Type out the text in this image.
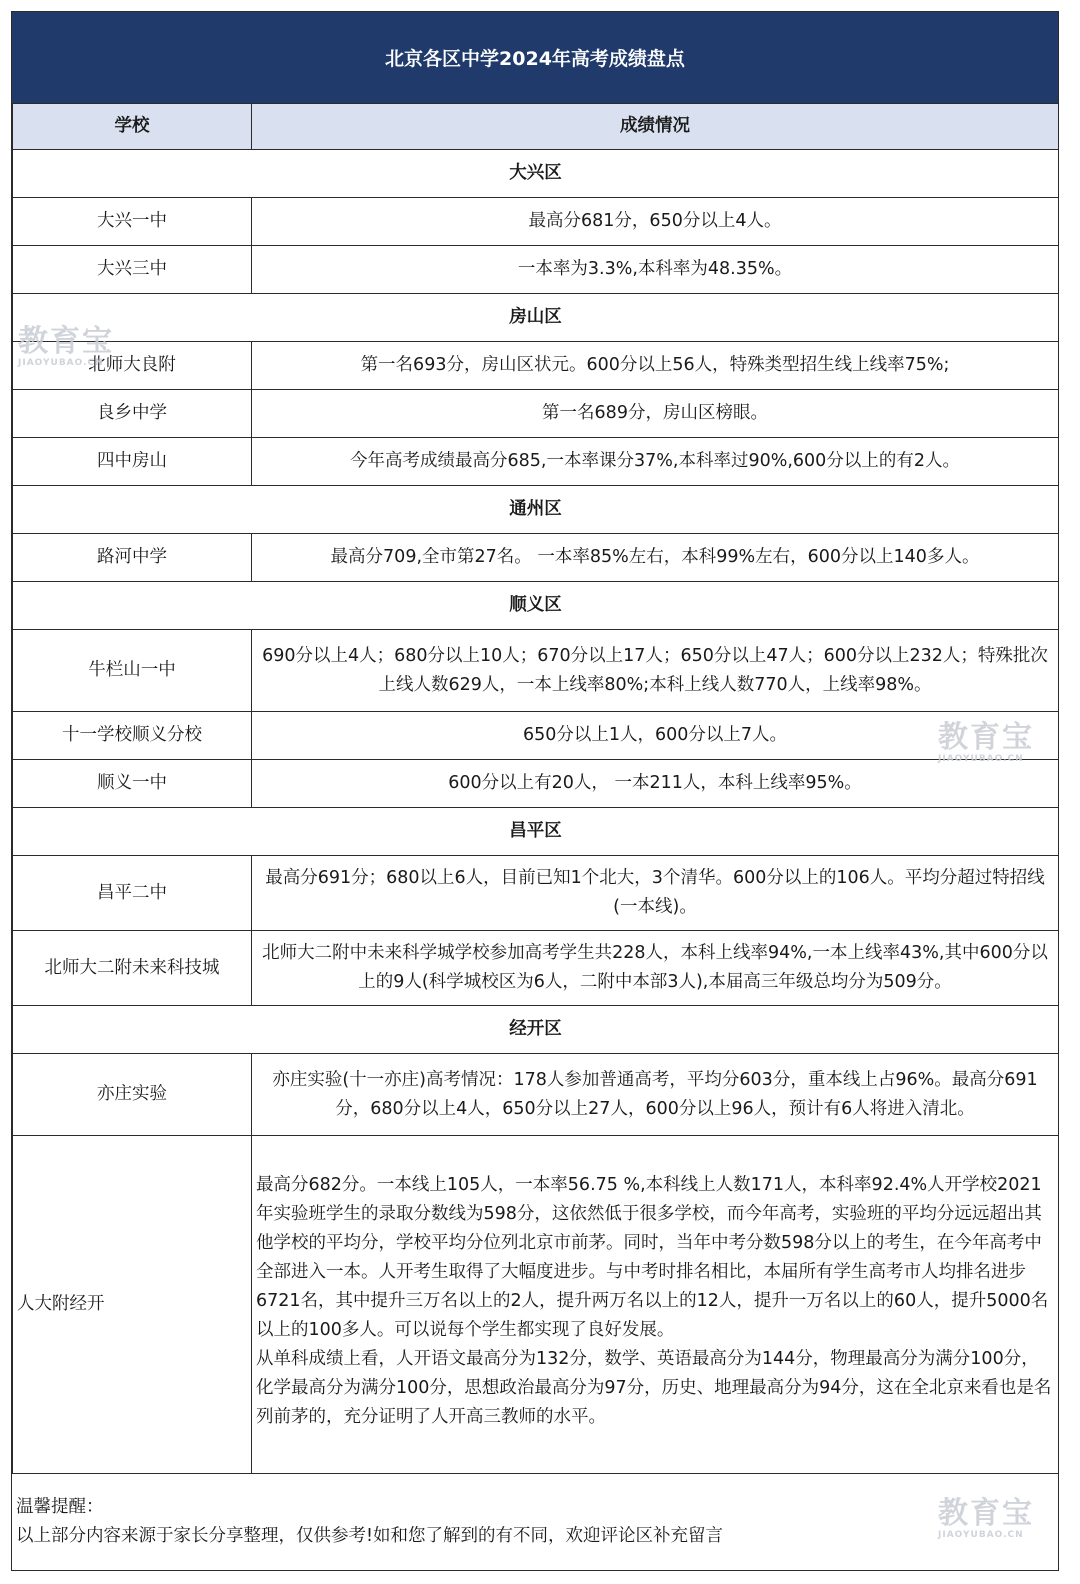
北京各区中学2024年高考成绩盘点
学校	成绩情况
大兴区	
大兴一中	最高分681分，650分以上4人。
大兴三中	一本率为3.3%,本科率为48.35%。
房山区	
北师大良附	第一名693分，房山区状元。600分以上56人，特殊类型招生线上线率75%;
良乡中学	第一名689分，房山区榜眼。
四中房山	今年高考成绩最高分685,一本率课分37%,本科率过90%,600分以上的有2人。
通州区	
路河中学	最高分709,全市第27名。 一本率85%左右，本科99%左右，600分以上140多人。
顺义区	
牛栏山一中	690分以上4人；680分以上10人；670分以上17人；650分以上47人；600分以上232人；特殊批次上线人数629人，一本上线率80%;本科上线人数770人，上线率98%。
十一学校顺义分校	650分以上1人，600分以上7人。
顺义一中	600分以上有20人， 一本211人，本科上线率95%。
昌平区	
昌平二中	最高分691分；680以上6人，目前已知1个北大，3个清华。600分以上的106人。平均分超过特招线(一本线)。
北师大二附未来科技城	北师大二附中未来科学城学校参加高考学生共228人，本科上线率94%,一本上线率43%,其中600分以上的9人(科学城校区为6人，二附中本部3人),本届高三年级总均分为509分。
经开区	
亦庄实验	亦庄实验(十一亦庄)高考情况：178人参加普通高考，平均分603分，重本线上占96%。最高分691分，680分以上4人，650分以上27人，600分以上96人，预计有6人将进入清北。
人大附经开	最高分682分。一本线上105人，一本率56.75 %,本科线上人数171人，本科率92.4%人开学校2021年实验班学生的录取分数线为598分，这依然低于很多学校，而今年高考，实验班的平均分远远超出其他学校的平均分，学校平均分位列北京市前茅。同时，当年中考分数598分以上的考生，在今年高考中全部进入一本。人开考生取得了大幅度进步。与中考时排名相比，本届所有学生高考市人均排名进步6721名，其中提升三万名以上的2人，提升两万名以上的12人，提升一万名以上的60人，提升5000名以上的100多人。可以说每个学生都实现了良好发展。
从单科成绩上看，人开语文最高分为132分，数学、英语最高分为144分，物理最高分为满分100分，化学最高分为满分100分，思想政治最高分为97分，历史、地理最高分为94分，这在全北京来看也是名列前茅的，充分证明了人开高三教师的水平。
温馨提醒：
以上部分内容来源于家长分享整理，仅供参考!如和您了解到的有不同，欢迎评论区补充留言
教育宝
JIAOYUBAO.CN
教育宝
JIAOYUBAO.CN
教育宝
JIAOYUBAO.CN
